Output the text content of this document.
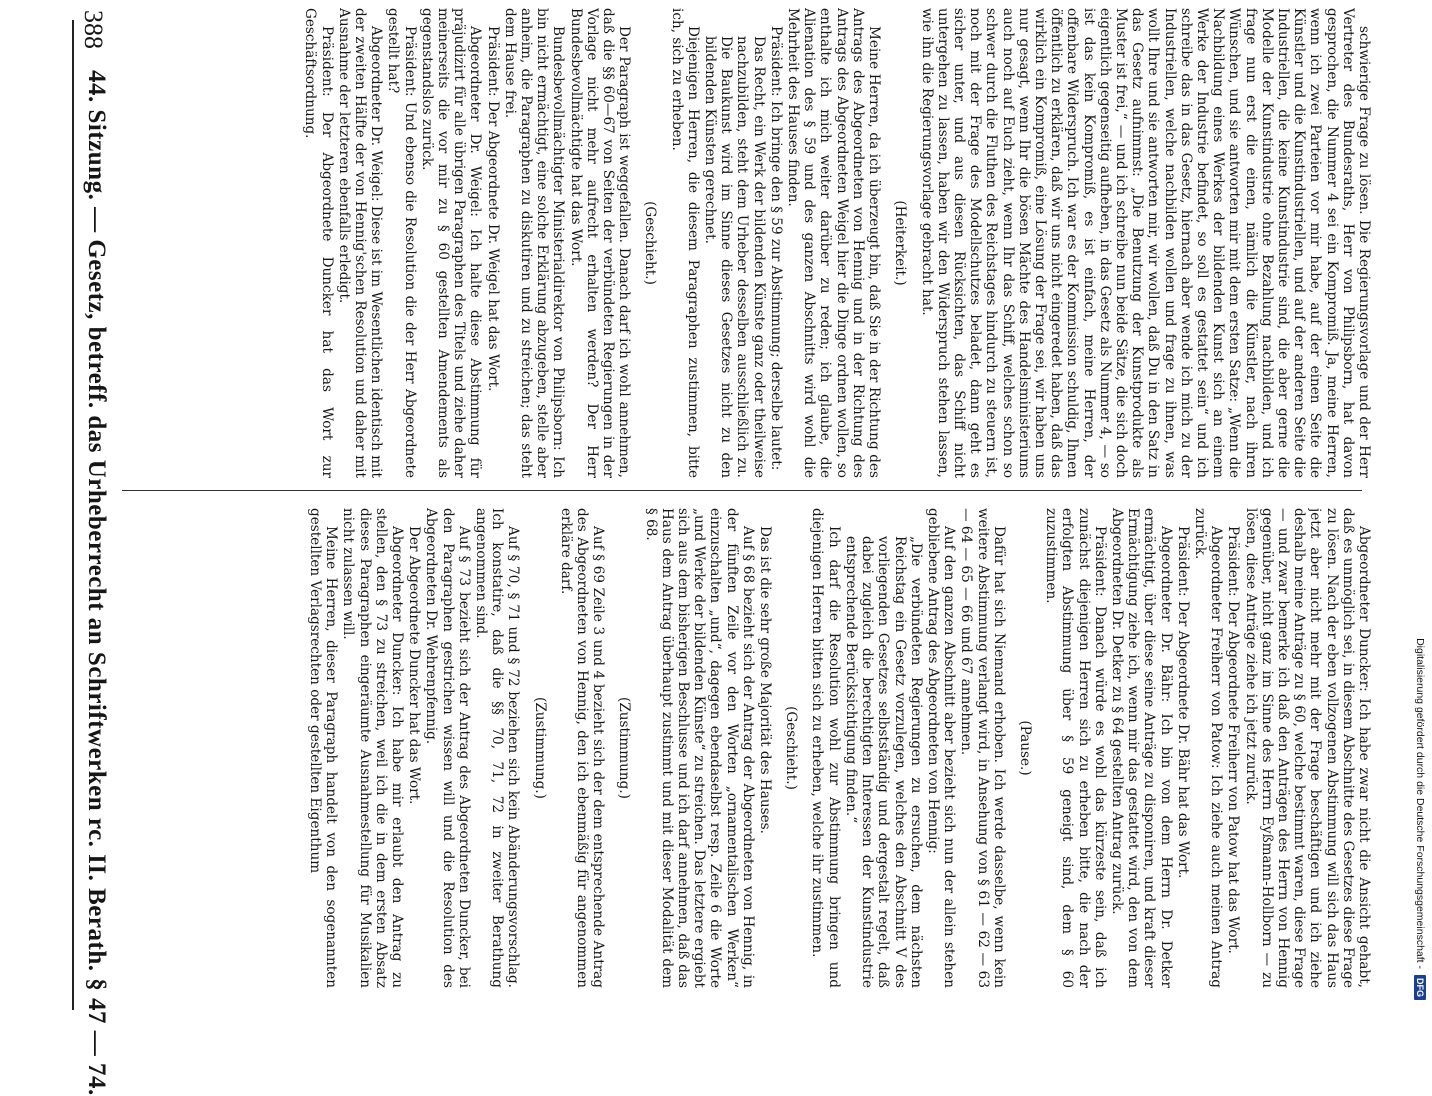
388
44. Sitzung. — Gesetz, betreff. das Urheberrecht an Schriftwerken rc. II. Berath. § 47 — 74.	schwierige Frage zu lösen. Die Regierungsvorlage und der Herr Vertreter des Bundesraths, Herr von Philipsborn, hat davon gesprochen, die Nummer 4 sei ein Kompromiß. Ja, meine Herren, wenn ich zwei Parteien vor mir habe, auf der einen Seite die Künstler und die Kunstindustriellen, und auf der anderen Seite die Industriellen, die keine Kunstindustrie sind, die aber gerne die Modelle der Kunstindustrie ohne Bezahlung nachbilden, und ich frage nun erst die einen, nämlich die Künstler, nach ihren Wünschen, und sie antworten mir mit dem ersten Satze: „Wenn die Nachbildung eines Werkes der bildenden Kunst sich an einem Werke der Industrie befindet, so soll es gestattet sein“ und ich schreibe das in das Gesetz, hiernach aber wende ich mich zu der Industriellen, welche nachbilden wollen und frage zu ihnen, was wollt Ihre und sie antworten mir, wir wollen, daß Du in den Satz in das Gesetz aufnimmst: „Die Benutzung der Kunstprodukte als Muster ist frei,“ — und ich schreibe nun beide Sätze, die sich doch eigentlich gegenseitig aufheben, in das Gesetz als Nummer 4, — so ist das kein Kompromiß, es ist einfach, meine Herren, der offenbare Widerspruch. Ich war es der Kommission schuldig, Ihnen öffentlich zu erklären, daß wir uns nicht eingeredet haben, daß das wirklich ein Kompromiß, eine Lösung der Frage sei, wir haben uns nur gesagt, wenn Ihr die bösen Mächte des Handelsministeriums auch noch auf Euch zieht, wenn Ihr das Schiff, welches schon so schwer durch die Fluthen des Reichstages hindurch zu steuern ist, noch mit der Frage des Modellschutzes beladet, dann geht es sicher unter, und aus diesen Rücksichten, das Schiff nicht untergehen zu lassen, haben wir den Widerspruch stehen lassen, wie ihn die Regierungsvorlage gebracht hat.

(Heiterkeit.)

Meine Herren, da ich überzeugt bin, daß Sie in der Richtung des Antrags des Abgeordneten von Hennig und in der Richtung des Antrags des Abgeordneten Weigel hier die Dinge ordnen wollen, so enthalte ich mich weiter darüber zu reden; ich glaube, die Alienation des § 59 und des ganzen Abschnitts wird wohl die Mehrheit des Hauses finden.

Präsident: Ich bringe den § 59 zur Abstimmung; derselbe lautet:

Das Recht, ein Werk der bildenden Künste ganz oder theilweise nachzubilden, steht dem Urheber desselben ausschließlich zu. Die Baukunst wird im Sinne dieses Gesetzes nicht zu den bildenden Künsten gerechnet.

Diejenigen Herren, die diesem Paragraphen zustimmen, bitte ich, sich zu erheben.

(Geschieht.)

Der Paragraph ist weggefallen. Danach darf ich wohl annehmen, daß die §§ 60—67 von Seiten der verbündeten Regierungen in der Vorlage nicht mehr aufrecht erhalten werden? Der Herr Bundesbevollmächtigte hat das Wort.

Bundesbevollmächtigter Ministerialdirektor von Philipsborn: Ich bin nicht ermächtigt, eine solche Erklärung abzugeben, stelle aber anheim, die Paragraphen zu diskutiren und zu streichen; das steht dem Hause frei.

Präsident: Der Abgeordnete Dr. Weigel hat das Wort.

Abgeordneter Dr. Weigel: Ich halte diese Abstimmung für präjudizirt für alle übrigen Paragraphen des Titels und ziehe daher meinerseits die vor mir zu § 60 gestellten Amendements als gegenstandslos zurück.

Präsident: Und ebenso die Resolution die der Herr Abgeordnete gestellt hat?

Abgeordneter Dr. Weigel: Diese ist im Wesentlichen identisch mit der zweiten Hälfte der von Hennig'schen Resolution und daher mit Ausnahme der letzteren ebenfalls erledigt.

Präsident: Der Abgeordnete Duncker hat das Wort zur Geschäftsordnung.

Abgeordneter Duncker: Ich habe zwar nicht die Ansicht gehabt, daß es unmöglich sei, in diesem Abschnitte des Gesetzes diese Frage zu lösen. Nach der eben vollzogenen Abstimmung will sich das Haus jetzt aber nicht mehr mit der Frage beschäftigen und ich ziehe deshalb meine Anträge zu § 60, welche bestimmt waren, diese Frage — und zwar bemerke ich daß den Anträgen des Herrn von Hennig gegenüber, nicht ganz im Sinne des Herrn Eyßmann-Hollborn — zu lösen, diese Anträge ziehe ich jetzt zurück.

Präsident: Der Abgeordnete Freiherr von Patow hat das Wort.

Abgeordneter Freiherr von Patow: Ich ziehe auch meinen Antrag zurück.

Präsident: Der Abgeordnete Dr. Bähr hat das Wort.

Abgeordneter Dr. Bähr: Ich bin von dem Herrn Dr. Detker ermächtigt, über diese seine Anträge zu disponiren, und kraft dieser Ermächtigung ziehe ich, wenn mir das gestattet wird, den von dem Abgeordneten Dr. Detker zu § 64 gestellten Antrag zurück.

Präsident: Danach würde es wohl das kürzeste sein, daß ich zunächst diejenigen Herren sich zu erheben bitte, die nach der erfolgten Abstimmung über § 59 geneigt sind, dem § 60 zuzustimmen.

(Pause.)

Dafür hat sich Niemand erhoben. Ich werde dasselbe, wenn kein weitere Abstimmung verlangt wird, in Ansehung von § 61 — 62 — 63 — 64 — 65 — 66 und 67 annehmen.

Auf den ganzen Abschnitt aber bezieht sich nun der allein stehen gebliebene Antrag des Abgeordneten von Hennig:

„Die verbündeten Regierungen zu ersuchen, dem nächsten Reichstag ein Gesetz vorzulegen, welches den Abschnitt V des vorliegenden Gesetzes selbstständig und dergestalt regelt, daß dabei zugleich die berechtigten Interessen der Kunstindustrie entsprechende Berücksichtigung finden.“

Ich darf die Resolution wohl zur Abstimmung bringen und diejenigen Herren bitten sich zu erheben, welche ihr zustimmen.

(Geschieht.)

Das ist die sehr große Majorität des Hauses.

Auf § 68 bezieht sich der Antrag der Abgeordneten von Hennig, in der fünften Zeile vor den Worten „ornamentalischen Werken“ einzuschalten „und“, dagegen ebendaselbst resp. Zeile 6 die Worte „und Werke der bildenden Künste“ zu streichen. Das letztere ergiebt sich aus dem bisherigen Beschlusse und ich darf annehmen, daß das Haus dem Antrag überhaupt zustimmt und mit dieser Modalität dem § 68.

(Zustimmung.)

Auf § 69 Zeile 3 und 4 bezieht sich der dem entsprechende Antrag des Abgeordneten von Hennig, den ich ebenmäßig für angenommen erkläre darf.

(Zustimmung.)

Auf § 70, § 71 und § 72 beziehen sich kein Abänderungsvorschlag. Ich konstatire, daß die §§ 70, 71, 72 in zweiter Berathung angenommen sind.

Auf § 73 bezieht sich der Antrag des Abgeordneten Duncker, bei den Paragraphen gestrichen wissen will und die Resolution des Abgeordneten Dr. Wehrenpfennig.

Der Abgeordnete Duncker hat das Wort.

Abgeordneter Duncker: Ich habe mir erlaubt den Antrag zu stellen, den § 73 zu streichen, weil ich die in dem ersten Absatz dieses Paragraphen eingeräumte Ausnahmestellung für Musikalien nicht zulassen will.

Meine Herren, dieser Paragraph handelt von den sogenannten gestellten Verlagsrechten oder gestellten Eigenthum	Digitalisierung gefördert durch die Deutsche Forschungsgemeinschaft -
DFG
